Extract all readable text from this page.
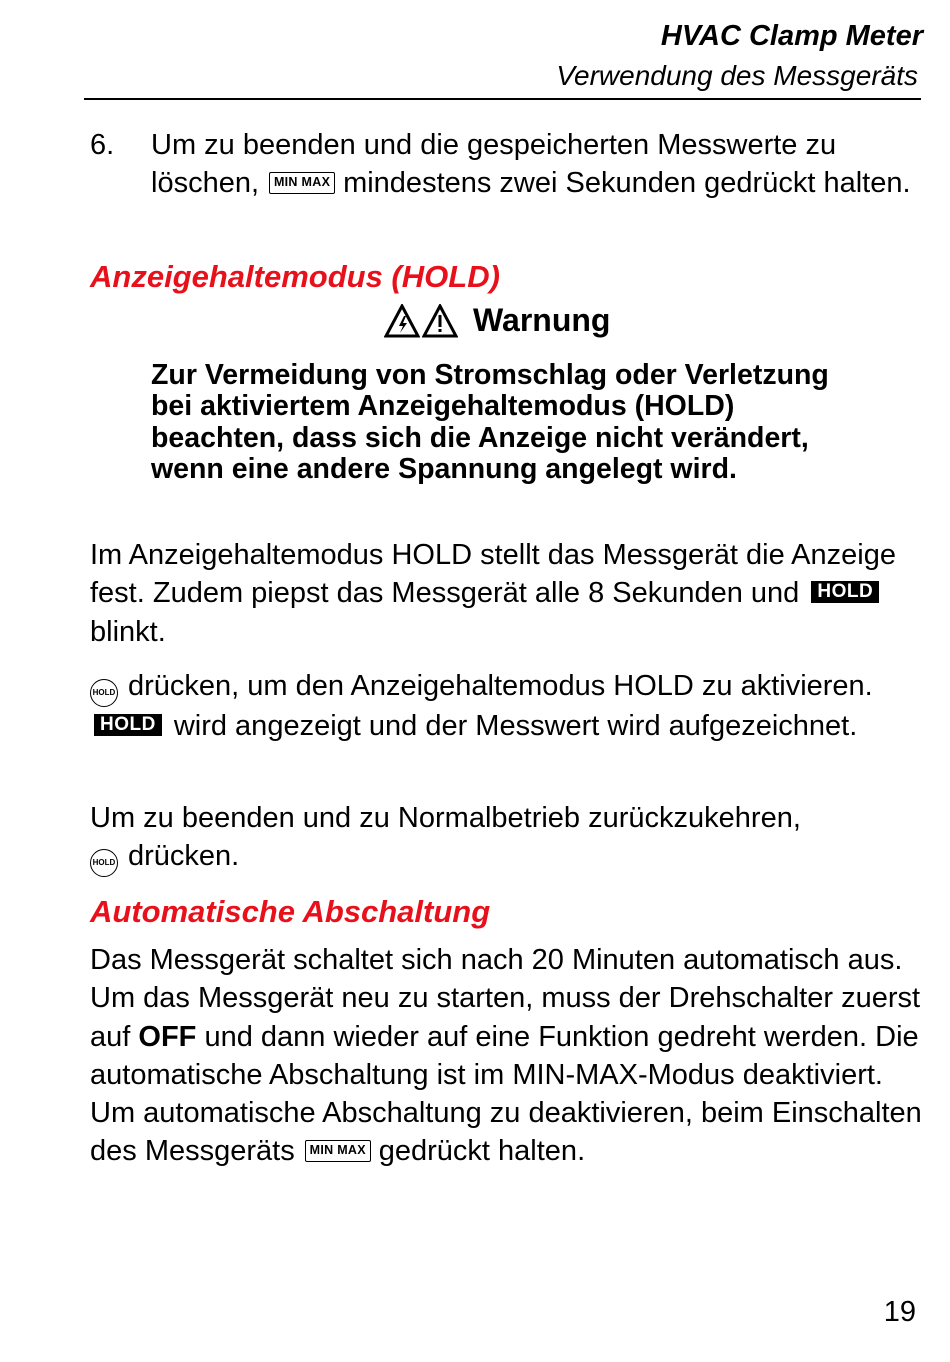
HVAC Clamp Meter
Verwendung des Messgeräts
6. Um zu beenden und die gespeicherten Messwerte zu löschen, MIN MAX mindestens zwei Sekunden gedrückt halten.
Anzeigehaltemodus (HOLD)
Warnung
Zur Vermeidung von Stromschlag oder Verletzung bei aktiviertem Anzeigehaltemodus (HOLD) beachten, dass sich die Anzeige nicht verändert, wenn eine andere Spannung angelegt wird.
Im Anzeigehaltemodus HOLD stellt das Messgerät die Anzeige fest. Zudem piepst das Messgerät alle 8 Sekunden und HOLDblinkt.
HOLD drücken, um den Anzeigehaltemodus HOLD zu aktivieren. HOLD wird angezeigt und der Messwert wird aufgezeichnet.
Um zu beenden und zu Normalbetrieb zurückzukehren,
HOLD drücken.
Automatische Abschaltung
Das Messgerät schaltet sich nach 20 Minuten automatisch aus. Um das Messgerät neu zu starten, muss der Drehschalter zuerst auf OFF und dann wieder auf eine Funktion gedreht werden. Die automatische Abschaltung ist im MIN-MAX-Modus deaktiviert. Um automatische Abschaltung zu deaktivieren, beim Einschalten des Messgeräts MIN MAX gedrückt halten.
19
